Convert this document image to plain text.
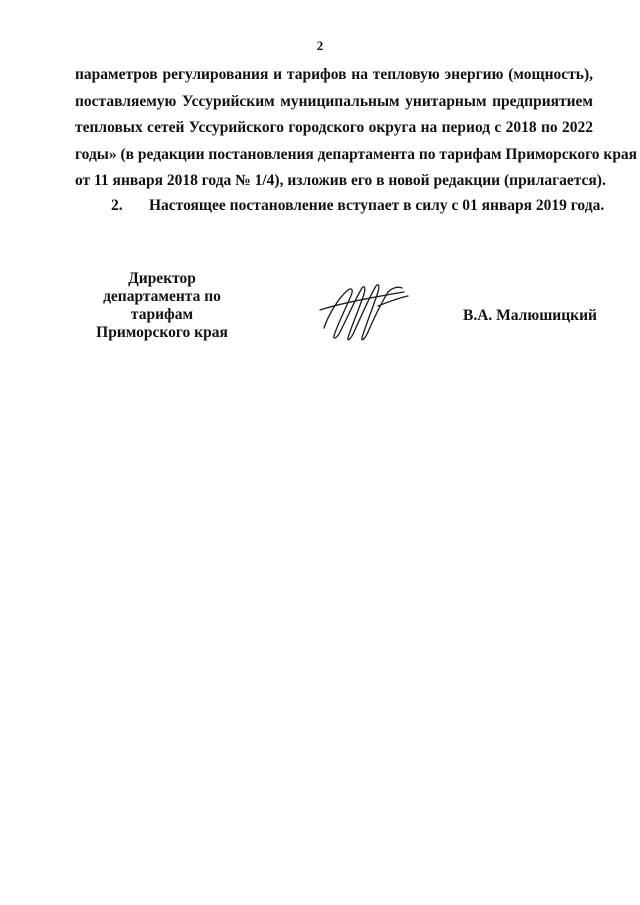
2
параметров регулирования и тарифов на тепловую энергию (мощность),
поставляемую Уссурийским муниципальным унитарным предприятием
тепловых сетей Уссурийского городского округа на период с 2018 по 2022
годы» (в редакции постановления департамента по тарифам Приморского края
от 11 января 2018 года № 1/4), изложив его в новой редакции (прилагается).
2. Настоящее постановление вступает в силу с 01 января 2019 года.
Директор
департамента по тарифам
Приморского края
В.А. Малюшицкий
